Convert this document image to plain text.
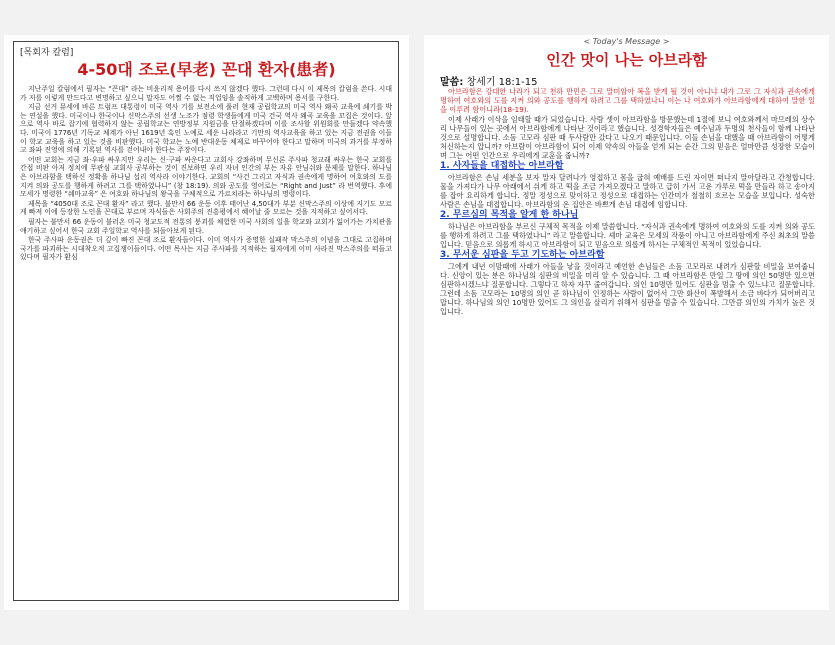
[목회자 칼럼]
4-50대 조로(早老) 꼰대 환자(患者)

지난주일 칼럼에서 필자는 “꼰대” 라는 비윤리적 용어를 다시 쓰지 않겠다 했다. 그런데 다시 이 제목의 칼럼을 쓴다. 시대가 저를 이렇게 만드다고 변명하고 싶으니 말자도 어쩔 수 없는 직업임을 솔직하게 고백하며 용서를 구한다.

지금 선거 뮤세에 바른 트럼프 대통령이 미국 역사 기를 보전소에 풀러 현재 공립학교의 미국 역사 왜곡 교육에 쇄기를 박는 연설을 했다. 미국이나 한국이나 신막스주의 선생 노조가 점령 학생들에게 미국 건국 역사 왜곡 교육을 꼬집은 것이다. 앞으로 역사 바로 잡기에 협력하지 않는 공립학교는 연방정부 지원금을 단절하겠다며 이를 조사할 위원회를 만들겠다 약속했다. 미국이 1776년 기독교 체계가 아닌 1619년 흑인 노예로 세운 나라라고 기만의 역사교육을 하고 있는 지금 전권을 이들이 학교 교육을 하고 있는 것을 비판했다. 미국 학교는 노예 반대운동 체제로 바꾸어야 한다고 말하며 미국의 과거를 부정하고 좌파 진영에 의해 기록된 역사를 걷어내야 한다는 주장이다.

어떤 교회는 지금 좌·우파 싸우지만 우리는 신·구파 싸운다고 교회사 강좌하며 무신론 주사파 청교래 싸우는 한국 교회를 간접 비판 아저 정치에 무관심 교회사 공부하는 것이 진보하면 우리 자녀 인간의 부는 자유 안님쉬와 문제를 말한다. 하나님은 아브라함을 택하신 정확을 하나님 섭리 역사라 이야기한다. 교회의 “사건 그리고 자식과 권속에게 명하여 여호와의 도를 지켜 의와 공도를 행하게 하려고 그를 택하였나니” (창 18:19). 의와 공도를 영어로는 “Right and Just” 라 번역했다. 후에 모세가 명령한 “쉐마교육” 은 여호와 하나님의 왕국을 구체적으로 가르치라는 하나님의 명령이다.

제목을 “4050대 조로 꼰대 환자” 라고 했다. 불만서 66 운동 이후 태어난 4,50대가 부분 신막스주의 이상에 지기도 모르게 빠져 이에 등장한 노인을 꼰대로 부르며 자식들은 사회주의 진흥평에서 혜어날 줄 모르는 것을 지적하고 싶어서다.

필자는 불만서 66 운동이 불러온 미국 청교도적 전통의 붕괴를 체험한 미국 사회의 일을 학교와 교회가 잃어가는 가치관을 얘기하고 싶어서 한국 교회 주일학교 역사를 되돌아보게 된다.

한국 주사파 운동권은 더 깊이 빠진 꼰대 조로 환자들이다. 이미 역사가 증명한 실패작 막스주의 이념을 그대로 고집하며 국가를 파괴하는 시대착오적 고집쟁이들이다. 어떤 목사는 지금 주사파를 지적하는 필자에게 이미 사라진 막스주의를 떠들고 있다며 필자가 환심

< Today's Message >
인간 맛이 나는 아브라함
말씀: 창세기 18:1-15

아브라함은 강대한 나라가 되고 천하 만민은 그로 말미암아 복을 받게 될 것이 아니냐 내가 그로 그 자식과 권속에게 명하여 여호와의 도를 지켜 의와 공도를 행하게 하려고 그를 택하였나니 이는 나 여호와가 아브라함에게 대하여 말한 일을 이루려 함이니라(18-19).

이제 사래가 이삭을 임태할 때가 되었습니다. 사람 셋이 아브라함을 방문했는데 1절에 보니 여호와께서 마므레의 상수리 나무들이 있는 곳에서 아브라함에게 나타난 것이라고 했습니다. 성경학자들은 예수님과 두명의 천사들이 함께 나타난 것으로 설명합니다. 소돔 고모라 심판 때 두사람만 갔다고 나오기 때문입니다. 이들 손님을 대했을 때 아브라함이 어떻게 처신하는지 압니까? 아브람이 아브라함이 되어 이제 약속의 아들을 얻게 되는 순간 그의 믿음은 얼마만큼 성장한 모습이며 그는 어떤 인간으로 우리에게 교훈을 줍니까?

1. 사자들을 대접하는 아브라함

아브라함은 손님 세분을 보자 말자 달려나가 영접하고 몸을 굽혀 예배를 드린 자이면 떠나지 말아달라고 간청합니다. 물을 가져다가 나무 아래에서 쉬게 하고 떡을 조금 가져오겠다고 말하고 급히 가서 고운 가루로 떡을 만들라 하고 송아지를 잡아 요리하게 합니다. 정말 정성으로 맞이하고 정성으로 대접하는 인간미가 철철히 흐르는 모습을 보입니다. 성숙한 사람은 손님을 대접합니다. 아브라함의 온 집안은 바쁘게 손님 대접에 임합니다.

2. 무르심의 목적을 알게 한 하나님

하나님은 아브라함을 부르신 구체적 목적을 이제 말씀합니다. “자식과 권속에게 명하여 여호와의 도를 지켜 의와 공도를 행하게 하려고 그를 택하였나니” 라고 말씀합니다. 셰마 교육은 모세의 작품이 아니고 아브라함에게 주신 최초의 말씀입니다. 믿음으로 의롭게 하시고 아브라함이 되고 믿음으로 의롭게 하시는 구체적인 목적이 있었습니다.

3. 무서운 심판을 두고 기도하는 아브라함

그에게 내년 이맘때에 사래가 아들을 낳을 것이라고 예언한 손님들은 소돔 고모라로 내려가 심판할 비밀을 보여줍니다. 신앙이 있는 분은 하나님의 심판의 비밀을 미리 알 수 있습니다. 그 때 아브라함은 만일 그 땅에 의인 50명만 있으면 심판하시겠느냐 질문합니다. 그렇다고 하자 자꾸 줄여갑니다. 의인 10명만 있어도 심판을 멈출 수 있느냐고 질문합니다. 그런데 소돔 고모라는 10명의 의인 곧 하나님이 인정하는 사람이 없어서 그만 화산이 폭발해서 소금 바다가 되어버리고 맙니다. 하나님의 의인 10명만 있어도 그 의인을 살리기 위해서 심판을 멈출 수 있습니다. 그만큼 의인의 가치가 높은 것입니다.
